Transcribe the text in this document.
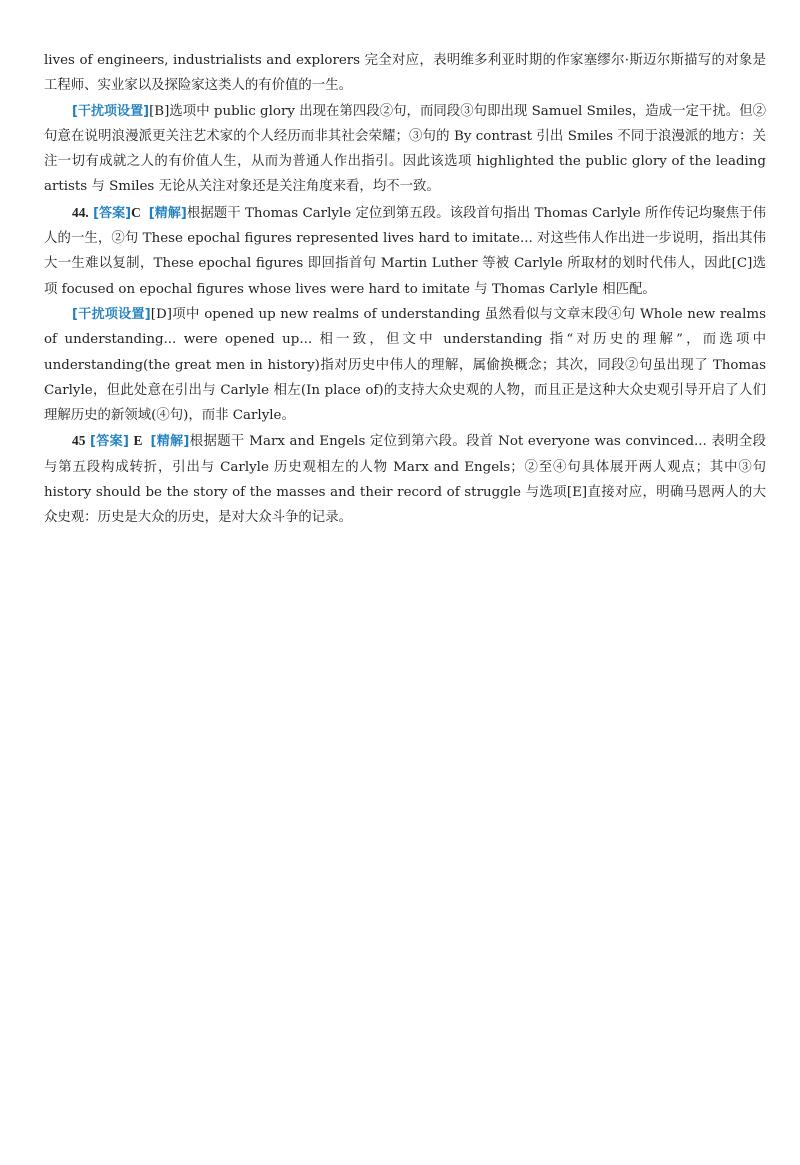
lives of engineers, industrialists and explorers 完全对应，表明维多利亚时期的作家塞缪尔·斯迈尔斯描写的对象是工程师、实业家以及探险家这类人的有价值的一生。

[干扰项设置][B]选项中 public glory 出现在第四段②句，而同段③句即出现 Samuel Smiles，造成一定干扰。但②句意在说明浪漫派更关注艺术家的个人经历而非其社会荣耀；③句的 By contrast 引出 Smiles 不同于浪漫派的地方：关注一切有成就之人的有价值人生，从而为普通人作出指引。因此该选项 highlighted the public glory of the leading artists 与 Smiles 无论从关注对象还是关注角度来看，均不一致。

44. [答案]C [精解]根据题干 Thomas Carlyle 定位到第五段。该段首句指出 Thomas Carlyle 所作传记均聚焦于伟人的一生，②句 These epochal figures represented lives hard to imitate... 对这些伟人作出进一步说明，指出其伟大一生难以复制，These epochal figures 即回指首句 Martin Luther 等被 Carlyle 所取材的划时代伟人，因此[C]选项 focused on epochal figures whose lives were hard to imitate 与 Thomas Carlyle 相匹配。

[干扰项设置][D]项中 opened up new realms of understanding 虽然看似与文章末段④句 Whole new realms of understanding... were opened up... 相一致，但文中 understanding 指“对历史的理解”，而选项中 understanding(the great men in history)指对历史中伟人的理解，属偷换概念；其次，同段②句虽出现了 Thomas Carlyle，但此处意在引出与 Carlyle 相左(In place of)的支持大众史观的人物，而且正是这种大众史观引导开启了人们理解历史的新领域(④句)，而非 Carlyle。

45 [答案] E [精解]根据题干 Marx and Engels 定位到第六段。段首 Not everyone was convinced... 表明全段与第五段构成转折，引出与 Carlyle 历史观相左的人物 Marx and Engels；②至④句具体展开两人观点；其中③句 history should be the story of the masses and their record of struggle 与选项[E]直接对应，明确马恩两人的大众史观：历史是大众的历史，是对大众斗争的记录。
